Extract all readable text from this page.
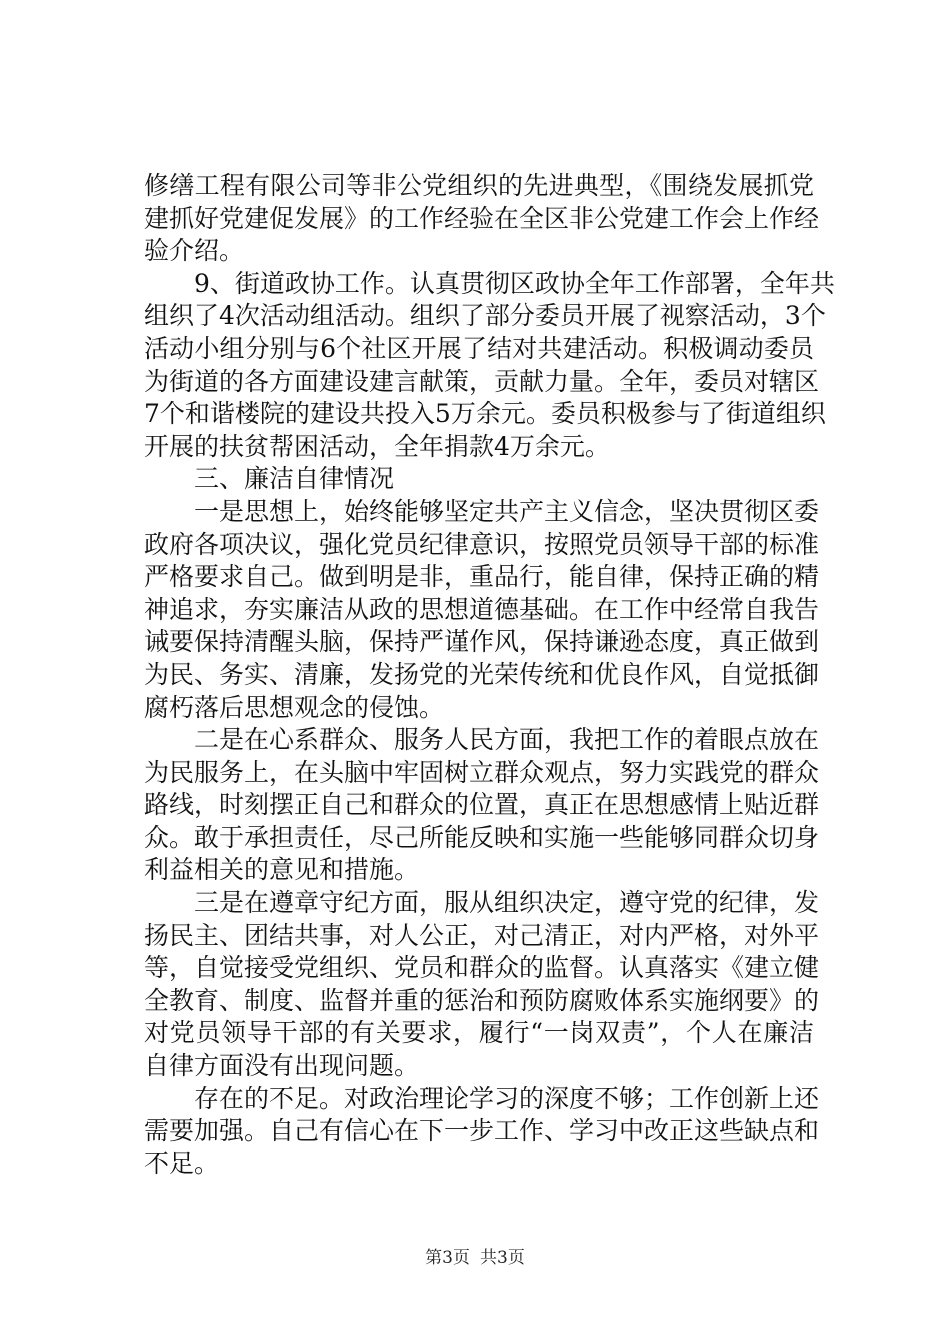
修缮工程有限公司等非公党组织的先进典型，《围绕发展抓党
建抓好党建促发展》的工作经验在全区非公党建工作会上作经
验介绍。
9、街道政协工作。认真贯彻区政协全年工作部署，全年共
组织了4次活动组活动。组织了部分委员开展了视察活动，3个
活动小组分别与6个社区开展了结对共建活动。积极调动委员
为街道的各方面建设建言献策，贡献力量。全年，委员对辖区
7个和谐楼院的建设共投入5万余元。委员积极参与了街道组织
开展的扶贫帮困活动，全年捐款4万余元。
三、廉洁自律情况
一是思想上，始终能够坚定共产主义信念，坚决贯彻区委
政府各项决议，强化党员纪律意识，按照党员领导干部的标准
严格要求自己。做到明是非，重品行，能自律，保持正确的精
神追求，夯实廉洁从政的思想道德基础。在工作中经常自我告
诫要保持清醒头脑，保持严谨作风，保持谦逊态度，真正做到
为民、务实、清廉，发扬党的光荣传统和优良作风，自觉抵御
腐朽落后思想观念的侵蚀。
二是在心系群众、服务人民方面，我把工作的着眼点放在
为民服务上，在头脑中牢固树立群众观点，努力实践党的群众
路线，时刻摆正自己和群众的位置，真正在思想感情上贴近群
众。敢于承担责任，尽己所能反映和实施一些能够同群众切身
利益相关的意见和措施。
三是在遵章守纪方面，服从组织决定，遵守党的纪律，发
扬民主、团结共事，对人公正，对己清正，对内严格，对外平
等，自觉接受党组织、党员和群众的监督。认真落实《建立健
全教育、制度、监督并重的惩治和预防腐败体系实施纲要》的
对党员领导干部的有关要求，履行“一岗双责”，个人在廉洁
自律方面没有出现问题。
存在的不足。对政治理论学习的深度不够；工作创新上还
需要加强。自己有信心在下一步工作、学习中改正这些缺点和
不足。
第3页 共3页
